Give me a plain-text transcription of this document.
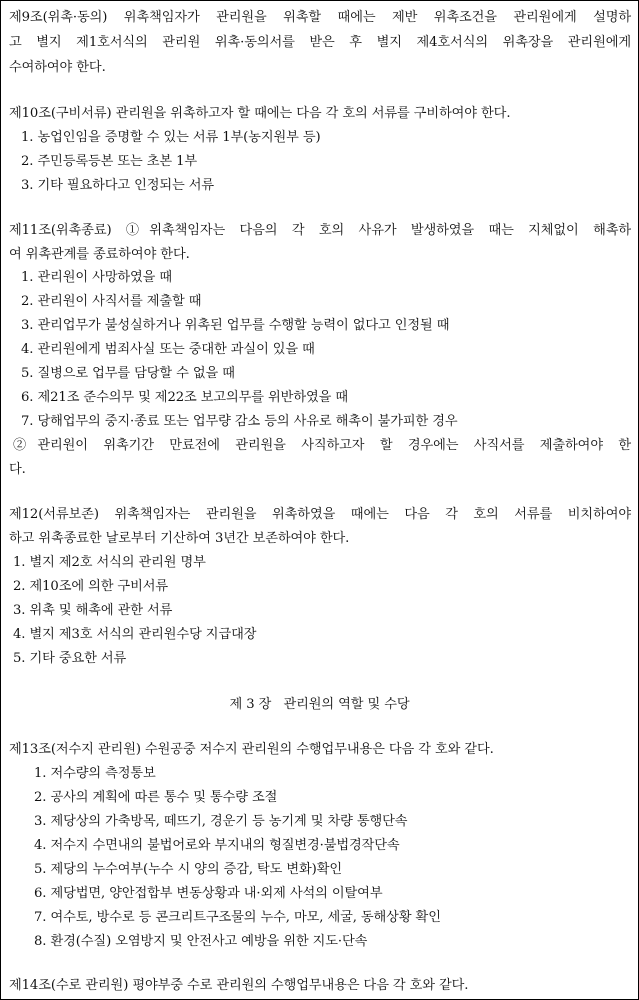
제9조(위촉·동의) 위촉책임자가 관리원을 위촉할 때에는 제반 위촉조건을 관리원에게 설명하
고 별지 제1호서식의 관리원 위촉·동의서를 받은 후 별지 제4호서식의 위촉장을 관리원에게
수여하여야 한다.
제10조(구비서류) 관리원을 위촉하고자 할 때에는 다음 각 호의 서류를 구비하여야 한다.
1. 농업인임을 증명할 수 있는 서류 1부(농지원부 등)
2. 주민등록등본 또는 초본 1부
3. 기타 필요하다고 인정되는 서류
제11조(위촉종료) ①위촉책임자는 다음의 각 호의 사유가 발생하였을 때는 지체없이 해촉하
여 위촉관계를 종료하여야 한다.
1. 관리원이 사망하였을 때
2. 관리원이 사직서를 제출할 때
3. 관리업무가 불성실하거나 위촉된 업무를 수행할 능력이 없다고 인정될 때
4. 관리원에게 범죄사실 또는 중대한 과실이 있을 때
5. 질병으로 업무를 담당할 수 없을 때
6. 제21조 준수의무 및 제22조 보고의무를 위반하였을 때
7. 당해업무의 중지·종료 또는 업무량 감소 등의 사유로 해촉이 불가피한 경우
②관리원이 위촉기간 만료전에 관리원을 사직하고자 할 경우에는 사직서를 제출하여야 한
다.
제12(서류보존) 위촉책임자는 관리원을 위촉하였을 때에는 다음 각 호의 서류를 비치하여야
하고 위촉종료한 날로부터 기산하여 3년간 보존하여야 한다.
1. 별지 제2호 서식의 관리원 명부
2. 제10조에 의한 구비서류
3. 위촉 및 해촉에 관한 서류
4. 별지 제3호 서식의 관리원수당 지급대장
5. 기타 중요한 서류
제 3 장   관리원의 역할 및 수당
제13조(저수지 관리원) 수원공중 저수지 관리원의 수행업무내용은 다음 각 호와 같다.
1. 저수량의 측정통보
2. 공사의 계획에 따른 통수 및 통수량 조절
3. 제당상의 가축방목, 떼뜨기, 경운기 등 농기계 및 차량 통행단속
4. 저수지 수면내의 불법어로와 부지내의 형질변경·불법경작단속
5. 제당의 누수여부(누수 시 양의 증감, 탁도 변화)확인
6. 제당법면, 양안접합부 변동상황과 내·외제 사석의 이탈여부
7. 여수토, 방수로 등 콘크리트구조물의 누수, 마모, 세굴, 동해상황 확인
8. 환경(수질) 오염방지 및 안전사고 예방을 위한 지도·단속
제14조(수로 관리원) 평야부중 수로 관리원의 수행업무내용은 다음 각 호와 같다.
